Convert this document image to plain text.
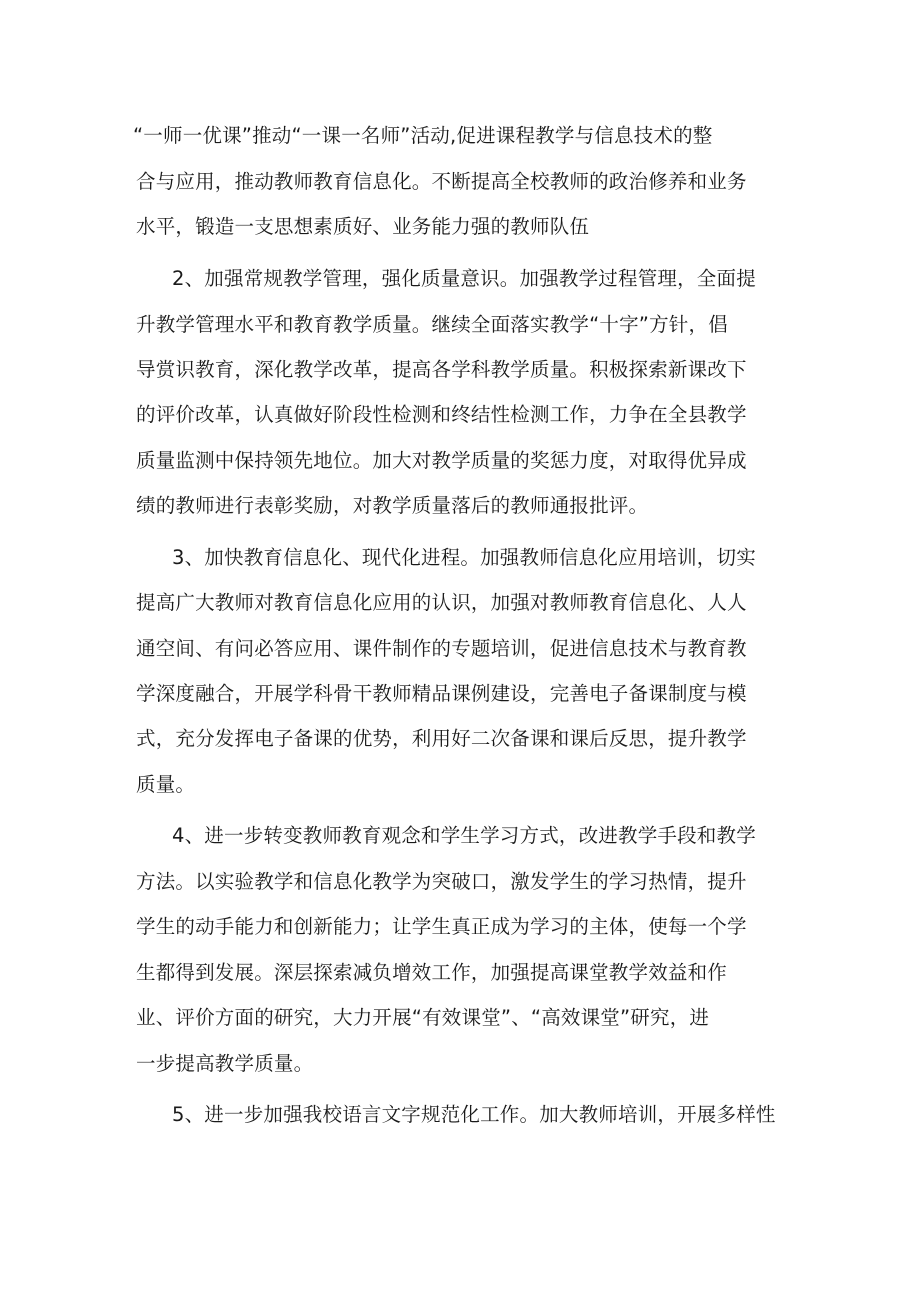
“一师一优课”推动“一课一名师”活动,促进课程教学与信息技术的整
合与应用，推动教师教育信息化。不断提高全校教师的政治修养和业务
水平，锻造一支思想素质好、业务能力强的教师队伍
2、加强常规教学管理，强化质量意识。加强教学过程管理，全面提
升教学管理水平和教育教学质量。继续全面落实教学“十字”方针，倡
导赏识教育，深化教学改革，提高各学科教学质量。积极探索新课改下
的评价改革，认真做好阶段性检测和终结性检测工作，力争在全县教学
质量监测中保持领先地位。加大对教学质量的奖惩力度，对取得优异成
绩的教师进行表彰奖励，对教学质量落后的教师通报批评。
3、加快教育信息化、现代化进程。加强教师信息化应用培训，切实
提高广大教师对教育信息化应用的认识，加强对教师教育信息化、人人
通空间、有问必答应用、课件制作的专题培训，促进信息技术与教育教
学深度融合，开展学科骨干教师精品课例建设，完善电子备课制度与模
式，充分发挥电子备课的优势，利用好二次备课和课后反思，提升教学
质量。
4、进一步转变教师教育观念和学生学习方式，改进教学手段和教学
方法。以实验教学和信息化教学为突破口，激发学生的学习热情，提升
学生的动手能力和创新能力；让学生真正成为学习的主体，使每一个学
生都得到发展。深层探索减负增效工作，加强提高课堂教学效益和作
业、评价方面的研究，大力开展“有效课堂”、“高效课堂”研究，进
一步提高教学质量。
5、进一步加强我校语言文字规范化工作。加大教师培训，开展多样性
